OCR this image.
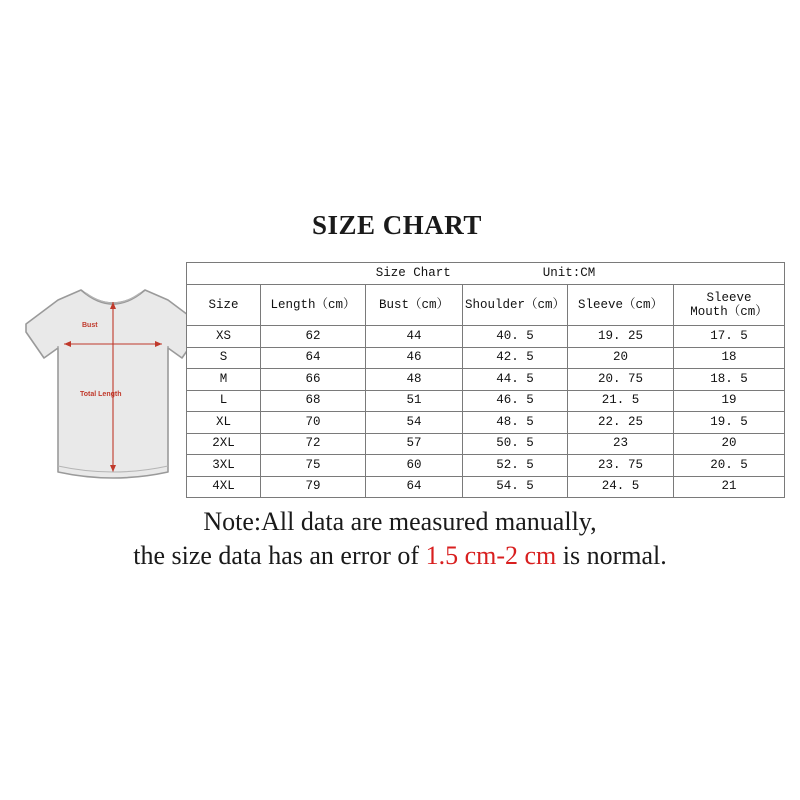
SIZE CHART
Bust
Total Length
Size Chart Unit:CM					

Size	Length（cm）	Bust（cm）	Shoulder（cm）	Sleeve（cm）	Sleeve
Mouth（cm）

XS	62	44	40. 5	19. 25	17. 5
S	64	46	42. 5	20	18
M	66	48	44. 5	20. 75	18. 5
L	68	51	46. 5	21. 5	19
XL	70	54	48. 5	22. 25	19. 5
2XL	72	57	50. 5	23	20
3XL	75	60	52. 5	23. 75	20. 5
4XL	79	64	54. 5	24. 5	21
Note:All data are measured manually,
the size data has an error of 1.5 cm-2 cm is normal.
